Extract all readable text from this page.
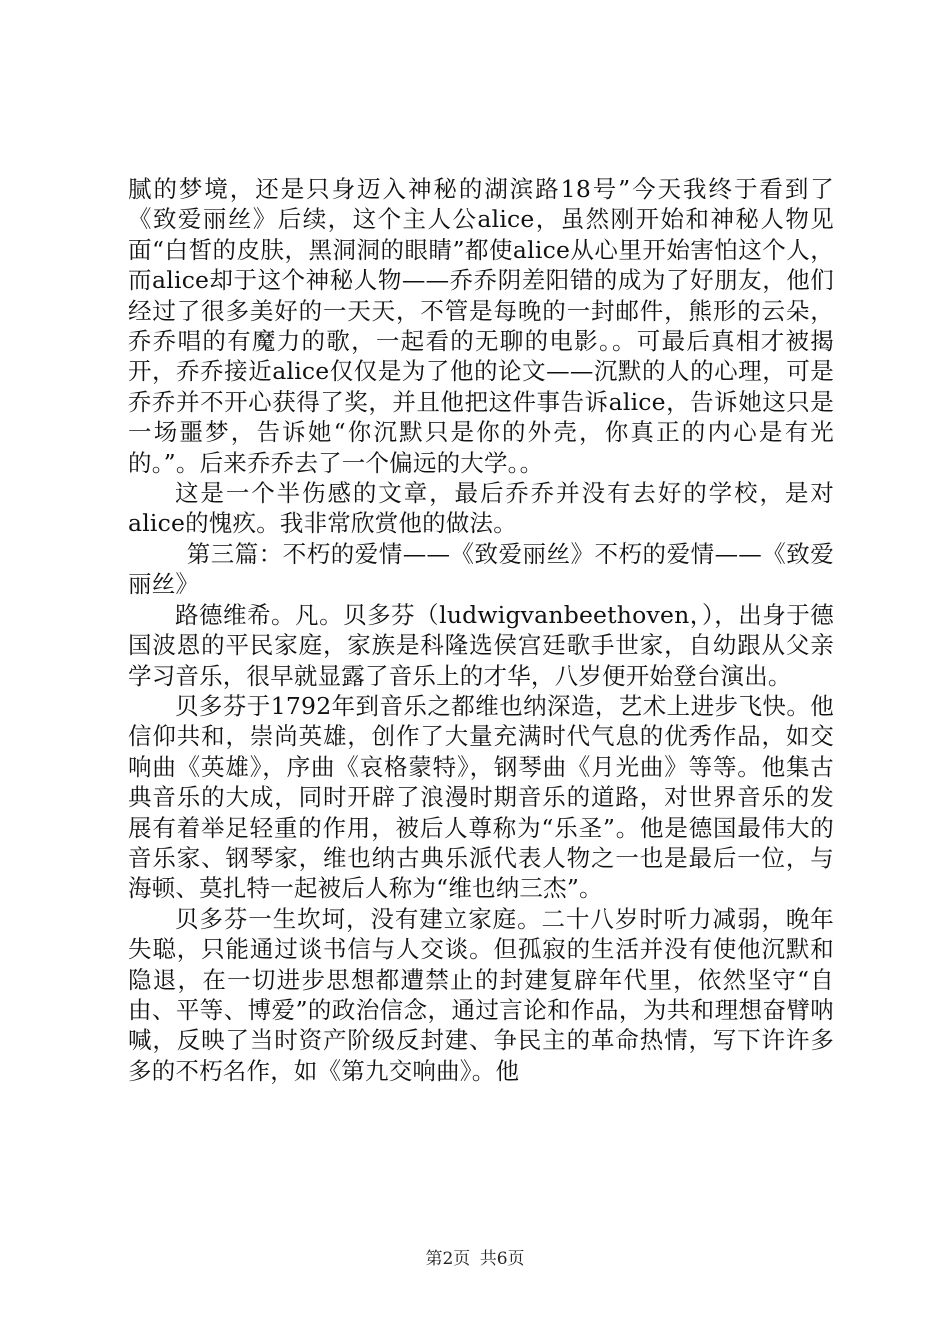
腻的梦境，还是只身迈入神秘的湖滨路18号”今天我终于看到了《致爱丽丝》后续，这个主人公alice，虽然刚开始和神秘人物见面“白皙的皮肤，黑洞洞的眼睛”都使alice从心里开始害怕这个人，而alice却于这个神秘人物——乔乔阴差阳错的成为了好朋友，他们经过了很多美好的一天天，不管是每晚的一封邮件，熊形的云朵，乔乔唱的有魔力的歌，一起看的无聊的电影。。可最后真相才被揭开，乔乔接近alice仅仅是为了他的论文——沉默的人的心理，可是乔乔并不开心获得了奖，并且他把这件事告诉alice，告诉她这只是一场噩梦，告诉她“你沉默只是你的外壳，你真正的内心是有光的。”。后来乔乔去了一个偏远的大学。。

这是一个半伤感的文章，最后乔乔并没有去好的学校，是对alice的愧疚。我非常欣赏他的做法。

第三篇：不朽的爱情——《致爱丽丝》不朽的爱情——《致爱丽丝》

路德维希。凡。贝多芬（ludwigvanbeethoven，），出身于德国波恩的平民家庭，家族是科隆选侯宫廷歌手世家，自幼跟从父亲学习音乐，很早就显露了音乐上的才华，八岁便开始登台演出。

贝多芬于1792年到音乐之都维也纳深造，艺术上进步飞快。他信仰共和，崇尚英雄，创作了大量充满时代气息的优秀作品，如交响曲《英雄》，序曲《哀格蒙特》，钢琴曲《月光曲》等等。他集古典音乐的大成，同时开辟了浪漫时期音乐的道路，对世界音乐的发展有着举足轻重的作用，被后人尊称为“乐圣”。他是德国最伟大的音乐家、钢琴家，维也纳古典乐派代表人物之一也是最后一位，与海顿、莫扎特一起被后人称为“维也纳三杰”。

贝多芬一生坎坷，没有建立家庭。二十八岁时听力减弱，晚年失聪，只能通过谈书信与人交谈。但孤寂的生活并没有使他沉默和隐退，在一切进步思想都遭禁止的封建复辟年代里，依然坚守“自由、平等、博爱”的政治信念，通过言论和作品，为共和理想奋臂呐喊，反映了当时资产阶级反封建、争民主的革命热情，写下许许多多的不朽名作，如《第九交响曲》。他

第2页 共6页
